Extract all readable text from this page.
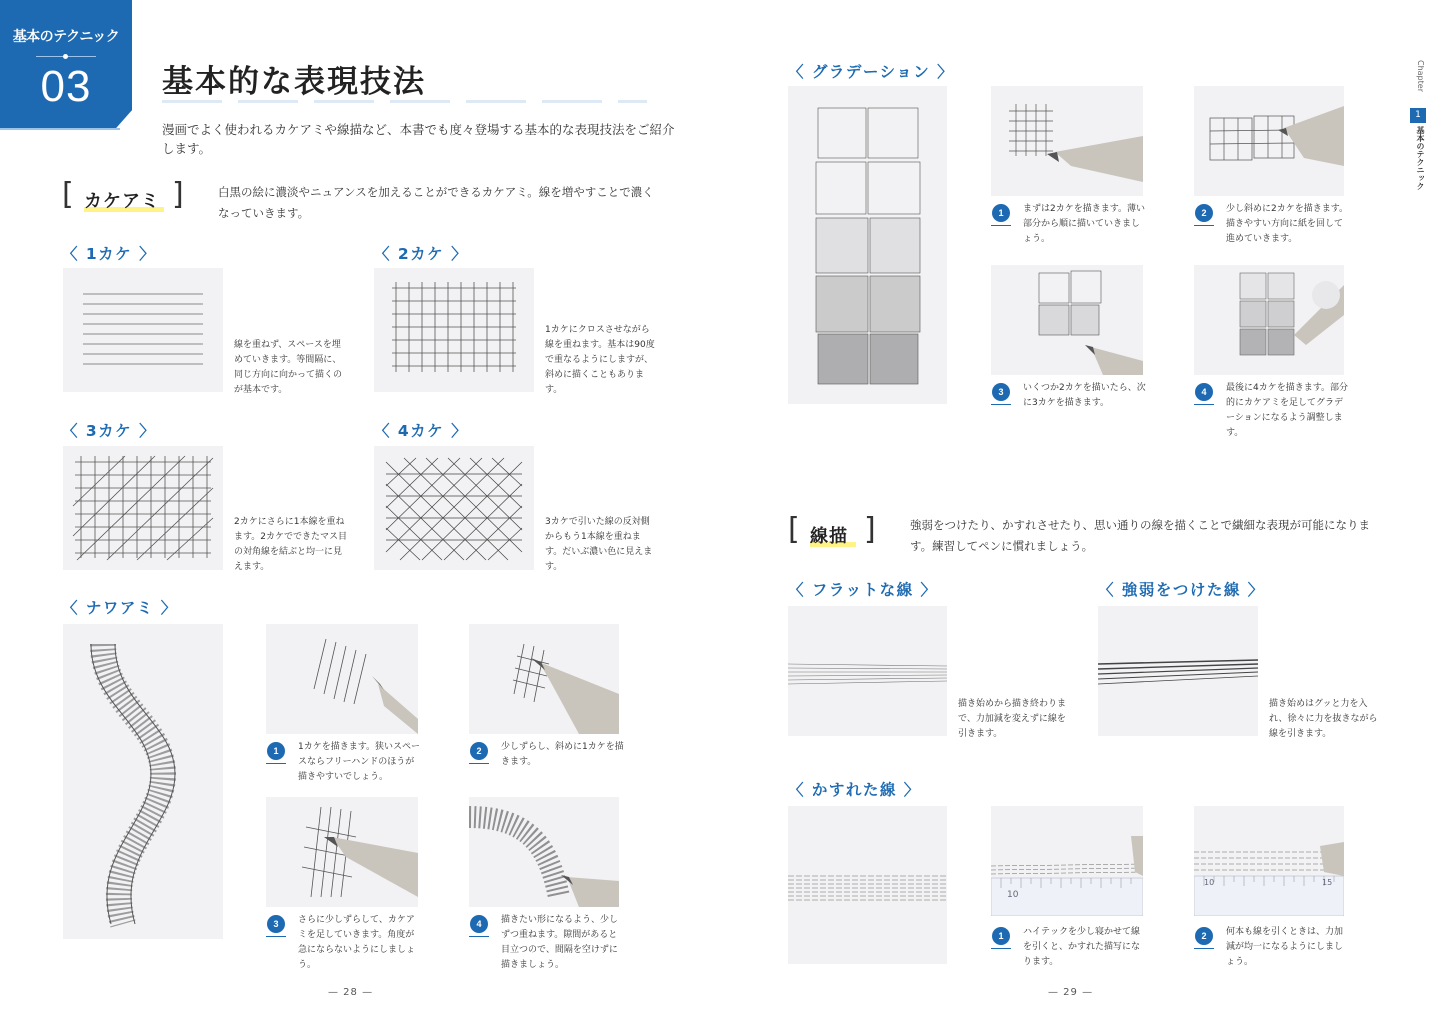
基本のテクニック
03	基本的な表現技法
漫画でよく使われるカケアミや線描など、本書でも度々登場する基本的な表現技法をご紹介します。
[ カケアミ ]	白黒の絵に濃淡やニュアンスを加えることができるカケアミ。線を増やすことで濃くなっていきます。
〈 1カケ 〉
線を重ねず、スペースを埋めていきます。等間隔に、同じ方向に向かって描くのが基本です。
〈 2カケ 〉
1カケにクロスさせながら線を重ねます。基本は90度で重なるようにしますが、斜めに描くこともあります。
〈 3カケ 〉
2カケにさらに1本線を重ねます。2カケでできたマス目の対角線を結ぶと均一に見えます。
〈 4カケ 〉
3カケで引いた線の反対側からもう1本線を重ねます。だいぶ濃い色に見えます。
〈 ナワアミ 〉
1	1カケを描きます。狭いスペースならフリーハンドのほうが描きやすいでしょう。
2	少しずらし、斜めに1カケを描きます。
3	さらに少しずらして、カケアミを足していきます。角度が急にならないようにしましょう。
4	描きたい形になるよう、少しずつ重ねます。隙間があると目立つので、間隔を空けずに描きましょう。
— 28 —
〈 グラデーション 〉
1	まずは2カケを描きます。薄い部分から順に描いていきましょう。
2	少し斜めに2カケを描きます。描きやすい方向に紙を回して進めていきます。
3	いくつか2カケを描いたら、次に3カケを描きます。
4	最後に4カケを描きます。部分的にカケアミを足してグラデーションになるよう調整します。
[ 線描 ]	強弱をつけたり、かすれさせたり、思い通りの線を描くことで繊細な表現が可能になります。練習してペンに慣れましょう。
〈 フラットな線 〉
描き始めから描き終わりまで、力加減を変えずに線を引きます。
〈 強弱をつけた線 〉
描き始めはグッと力を入れ、徐々に力を抜きながら線を引きます。
〈 かすれた線 〉
10
10	15
1	ハイテックを少し寝かせて線を引くと、かすれた描写になります。
2	何本も線を引くときは、力加減が均一になるようにしましょう。
— 29 —
Chapter
1
基本のテクニック
